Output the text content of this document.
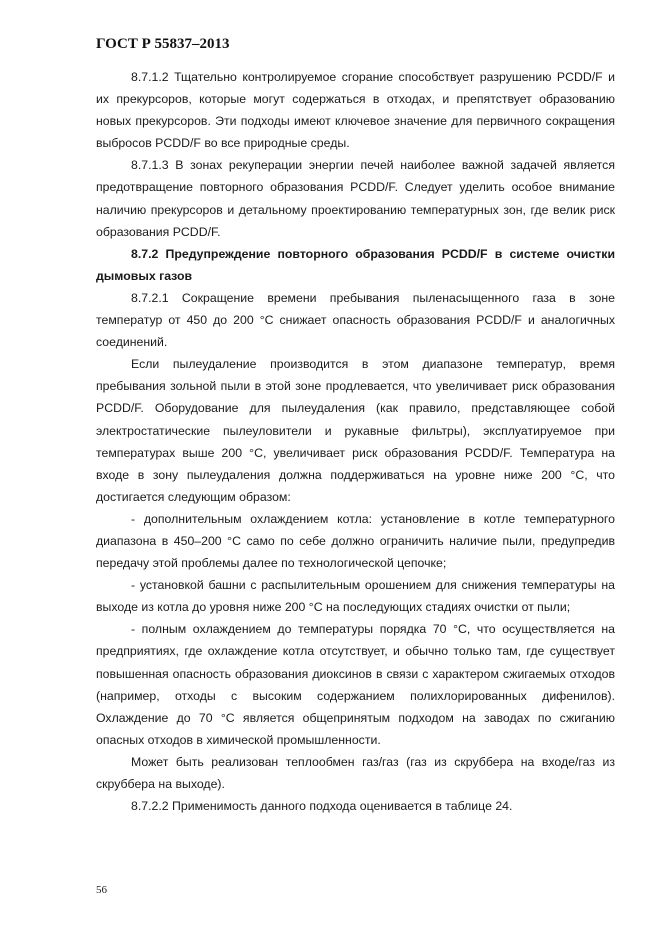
ГОСТ Р 55837–2013

8.7.1.2 Тщательно контролируемое сгорание способствует разрушению PCDD/F и их прекурсоров, которые могут содержаться в отходах, и препятствует образованию новых прекурсоров. Эти подходы имеют ключевое значение для первичного сокращения выбросов PCDD/F во все природные среды.

8.7.1.3 В зонах рекуперации энергии печей наиболее важной задачей является предотвращение повторного образования PCDD/F. Следует уделить особое внимание наличию прекурсоров и детальному проектированию температурных зон, где велик риск образования PCDD/F.

8.7.2 Предупреждение повторного образования PCDD/F в системе очистки дымовых газов

8.7.2.1 Сокращение времени пребывания пыленасыщенного газа в зоне температур от 450 до 200 °C снижает опасность образования PCDD/F и аналогичных соединений.

Если пылеудаление производится в этом диапазоне температур, время пребывания зольной пыли в этой зоне продлевается, что увеличивает риск образования PCDD/F. Оборудование для пылеудаления (как правило, представляющее собой электростатические пылеуловители и рукавные фильтры), эксплуатируемое при температурах выше 200 °C, увеличивает риск образования PCDD/F. Температура на входе в зону пылеудаления должна поддерживаться на уровне ниже 200 °C, что достигается следующим образом:

- дополнительным охлаждением котла: установление в котле температурного диапазона в 450–200 °C само по себе должно ограничить наличие пыли, предупредив передачу этой проблемы далее по технологической цепочке;

- установкой башни с распылительным орошением для снижения температуры на выходе из котла до уровня ниже 200 °C на последующих стадиях очистки от пыли;

- полным охлаждением до температуры порядка 70 °C, что осуществляется на предприятиях, где охлаждение котла отсутствует, и обычно только там, где существует повышенная опасность образования диоксинов в связи с характером сжигаемых отходов (например, отходы с высоким содержанием полихлорированных дифенилов). Охлаждение до 70 °C является общепринятым подходом на заводах по сжиганию опасных отходов в химической промышленности.

Может быть реализован теплообмен газ/газ (газ из скруббера на входе/газ из скруббера на выходе).

8.7.2.2 Применимость данного подхода оценивается в таблице 24.

56
